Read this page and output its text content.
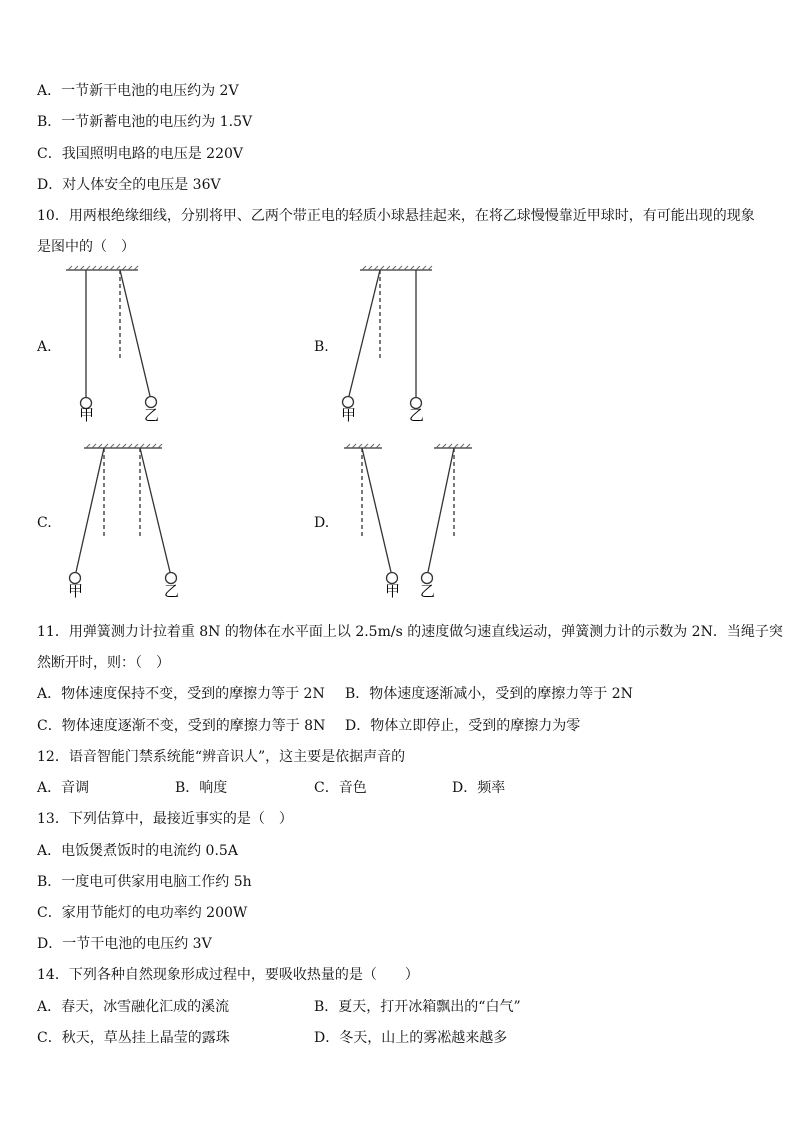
A．一节新干电池的电压约为 2V
B．一节新蓄电池的电压约为 1.5V
C．我国照明电路的电压是 220V
D．对人体安全的电压是 36V
10．用两根绝缘细线，分别将甲、乙两个带正电的轻质小球悬挂起来，在将乙球慢慢靠近甲球时，有可能出现的现象
是图中的（　）
A.	B.
C.	D.
甲	乙	甲	乙
甲	乙	甲 乙
11．用弹簧测力计拉着重 8N 的物体在水平面上以 2.5m/s 的速度做匀速直线运动，弹簧测力计的示数为 2N．当绳子突
然断开时，则：（　）
A．物体速度保持不变，受到的摩擦力等于 2N B．物体速度逐渐减小，受到的摩擦力等于 2N
C．物体速度逐渐不变，受到的摩擦力等于 8N D．物体立即停止，受到的摩擦力为零
12．语音智能门禁系统能“辨音识人”，这主要是依据声音的
A．音调	B．响度	C．音色	D．频率
13．下列估算中，最接近事实的是（　）
A．电饭煲煮饭时的电流约 0.5A
B．一度电可供家用电脑工作约 5h
C．家用节能灯的电功率约 200W
D．一节干电池的电压约 3V
14．下列各种自然现象形成过程中，要吸收热量的是（　　）
A．春天，冰雪融化汇成的溪流	B．夏天，打开冰箱飘出的“白气”
C．秋天，草丛挂上晶莹的露珠	D．冬天，山上的雾凇越来越多
